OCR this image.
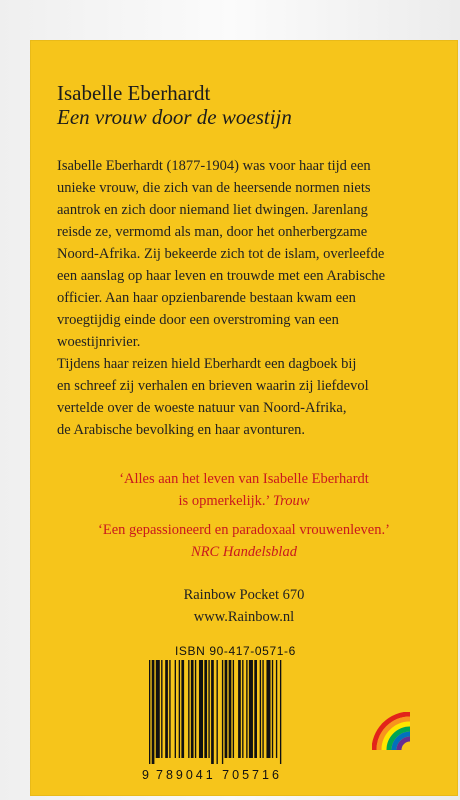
Isabelle Eberhardt
Een vrouw door de woestijn
Isabelle Eberhardt (1877-1904) was voor haar tijd een
unieke vrouw, die zich van de heersende normen niets
aantrok en zich door niemand liet dwingen. Jarenlang
reisde ze, vermomd als man, door het onherbergzame
Noord-Afrika. Zij bekeerde zich tot de islam, overleefde
een aanslag op haar leven en trouwde met een Arabische
officier. Aan haar opzienbarende bestaan kwam een
vroegtijdig einde door een overstroming van een
woestijnrivier.
Tijdens haar reizen hield Eberhardt een dagboek bij
en schreef zij verhalen en brieven waarin zij liefdevol
vertelde over de woeste natuur van Noord-Afrika,
de Arabische bevolking en haar avonturen.
‘Alles aan het leven van Isabelle Eberhardt
is opmerkelijk.’ Trouw
‘Een gepassioneerd en paradoxaal vrouwenleven.’
NRC Handelsblad
Rainbow Pocket 670
www.Rainbow.nl
ISBN 90-417-0571-6
9 789041 705716
